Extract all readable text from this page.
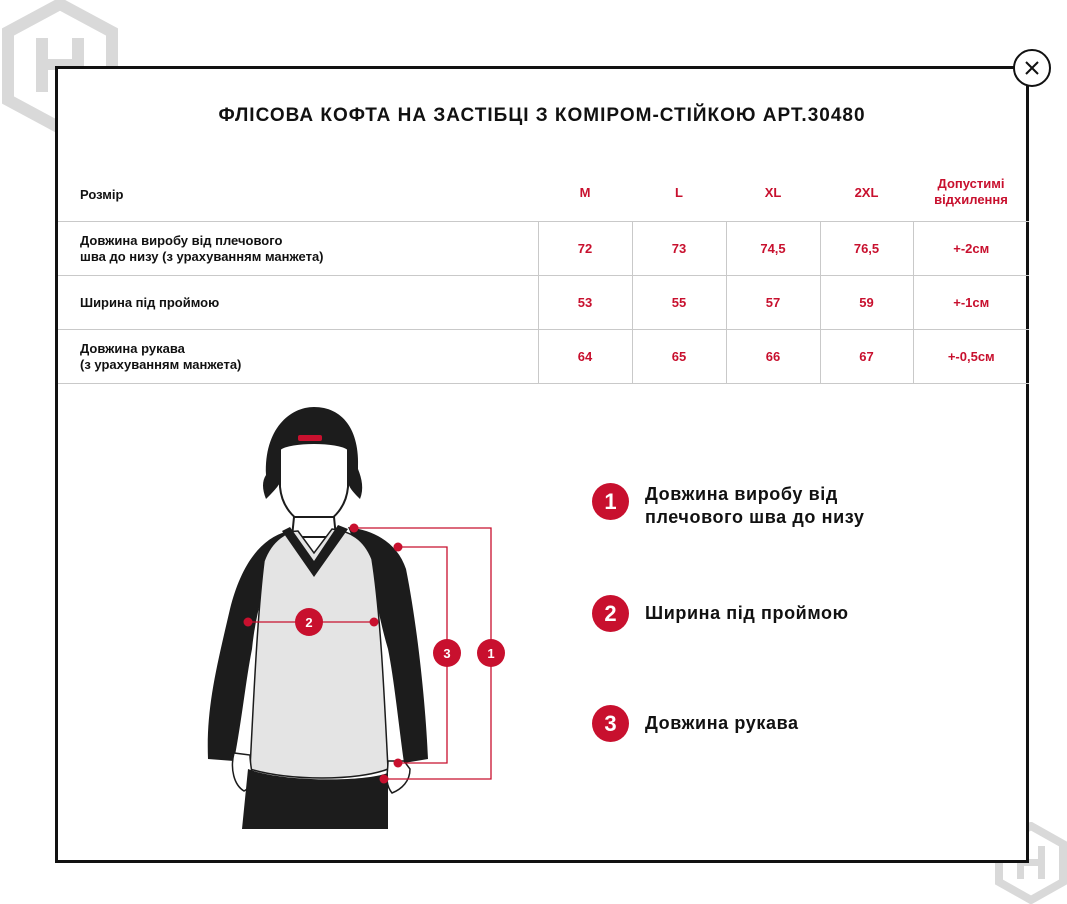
ФЛІСОВА КОФТА НА ЗАСТІБЦІ З КОМІРОМ-СТІЙКОЮ АРТ.30480
Розмір	M	L	XL	2XL	Допустимі
відхилення

Довжина виробу від плечового
шва до низу (з урахуванням манжета)	72	73	74,5	76,5	+-2см

Ширина під проймою	53	55	57	59	+-1см

Довжина рукава
(з урахуванням манжета)	64	65	66	67	+-0,5см
2
3	1
1	Довжина виробу від
плечового шва до низу
2	Ширина під проймою
3	Довжина рукава
